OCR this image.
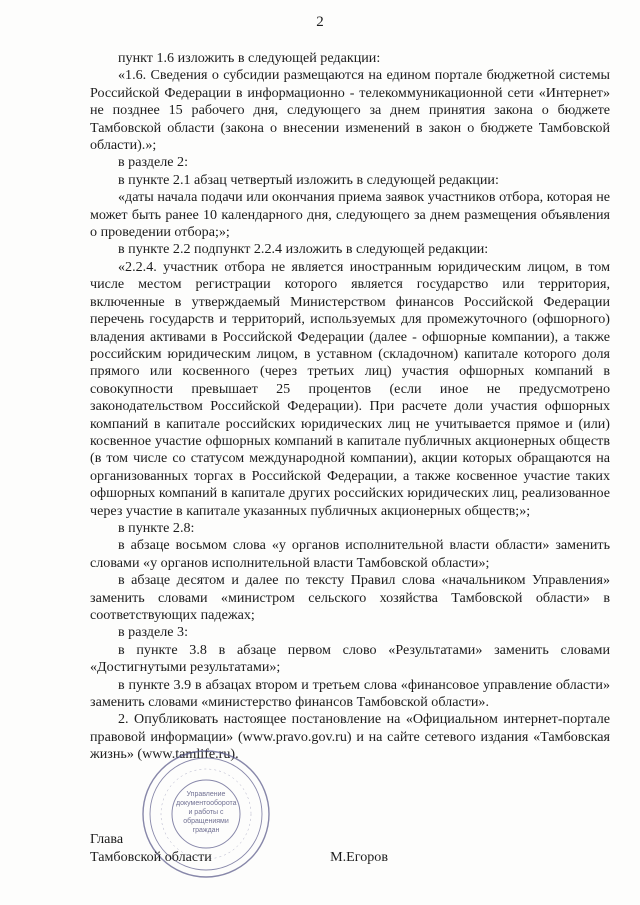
2

пункт 1.6 изложить в следующей редакции:

«1.6. Сведения о субсидии размещаются на едином портале бюджетной системы Российской Федерации в информационно - телекоммуникационной сети «Интернет» не позднее 15 рабочего дня, следующего за днем принятия закона о бюджете Тамбовской области (закона о внесении изменений в закон о бюджете Тамбовской области).»;

в разделе 2:

в пункте 2.1 абзац четвертый изложить в следующей редакции:

«даты начала подачи или окончания приема заявок участников отбора, которая не может быть ранее 10 календарного дня, следующего за днем размещения объявления о проведении отбора;»;

в пункте 2.2 подпункт 2.2.4 изложить в следующей редакции:

«2.2.4. участник отбора не является иностранным юридическим лицом, в том числе местом регистрации которого является государство или территория, включенные в утверждаемый Министерством финансов Российской Федерации перечень государств и территорий, используемых для промежуточного (офшорного) владения активами в Российской Федерации (далее - офшорные компании), а также российским юридическим лицом, в уставном (складочном) капитале которого доля прямого или косвенного (через третьих лиц) участия офшорных компаний в совокупности превышает 25 процентов (если иное не предусмотрено законодательством Российской Федерации). При расчете доли участия офшорных компаний в капитале российских юридических лиц не учитывается прямое и (или) косвенное участие офшорных компаний в капитале публичных акционерных обществ (в том числе со статусом международной компании), акции которых обращаются на организованных торгах в Российской Федерации, а также косвенное участие таких офшорных компаний в капитале других российских юридических лиц, реализованное через участие в капитале указанных публичных акционерных обществ;»;

в пункте 2.8:

в абзаце восьмом слова «у органов исполнительной власти области» заменить словами «у органов исполнительной власти Тамбовской области»;

в абзаце десятом и далее по тексту Правил слова «начальником Управления» заменить словами «министром сельского хозяйства Тамбовской области» в соответствующих падежах;

в разделе 3:

в пункте 3.8 в абзаце первом слово «Результатами» заменить словами «Достигнутыми результатами»;

в пункте 3.9 в абзацах втором и третьем слова «финансовое управление области» заменить словами «министерство финансов Тамбовской области».

2. Опубликовать настоящее постановление на «Официальном интернет-портале правовой информации» (www.pravo.gov.ru) и на сайте сетевого издания «Тамбовская жизнь» (www.tamlife.ru).

Управление документооборота и работы с обращениями граждан
Глава
Тамбовской области	М.Егоров
